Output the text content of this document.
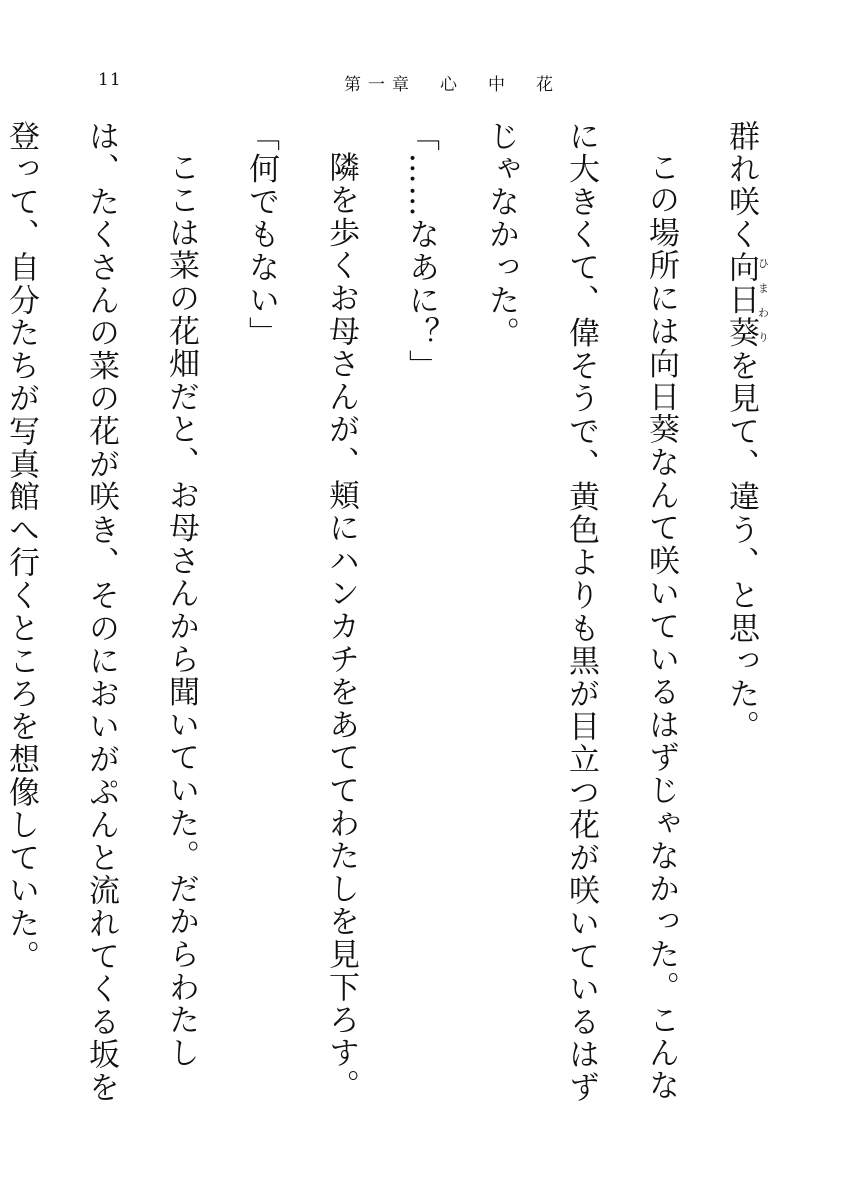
11	第一章　心　中　花

群れ咲く向日葵ひまわりを見て、違う、と思った。

この場所には向日葵なんて咲いているはずじゃなかった。こんなに大きくて、偉そうで、黄色よりも黒が目立つ花が咲いているはずじゃなかった。

「……なあに？」

隣を歩くお母さんが、頬にハンカチをあててわたしを見下ろす。

「何でもない」

ここは菜の花畑だと、お母さんから聞いていた。だからわたしは、たくさんの菜の花が咲き、そのにおいがぷんと流れてくる坂を登って、自分たちが写真館へ行くところを想像していた。
